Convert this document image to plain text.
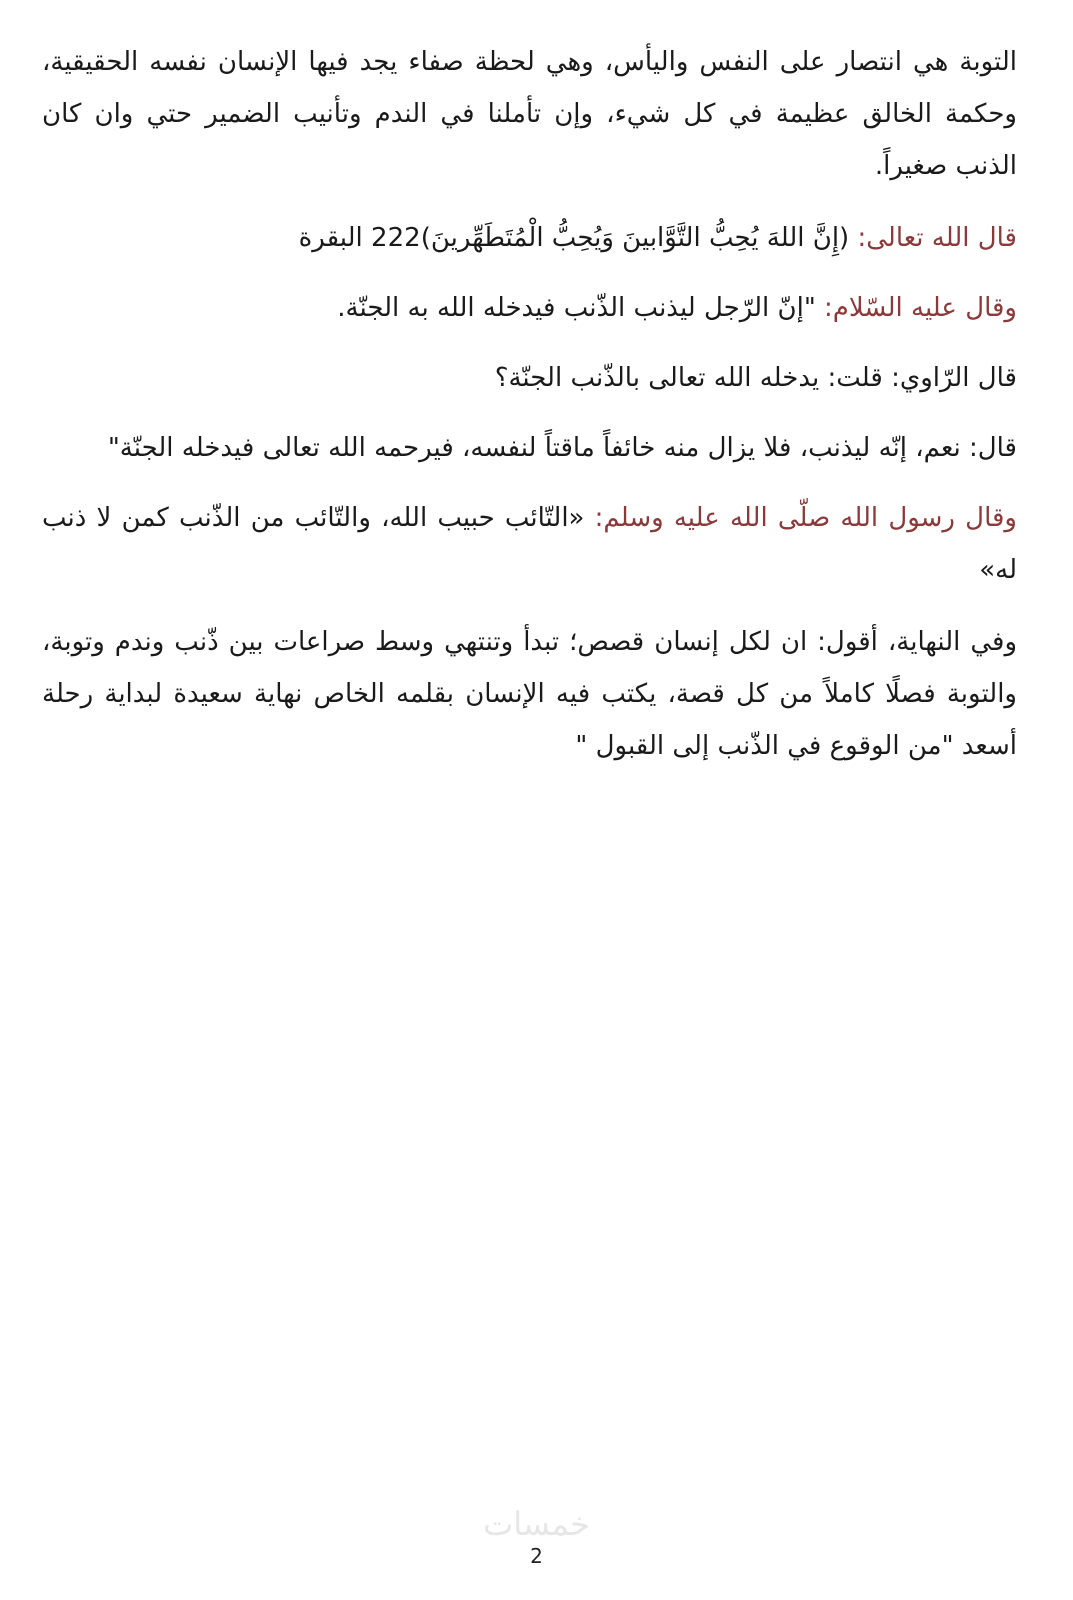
التوبة هي انتصار على النفس واليأس، وهي لحظة صفاء يجد فيها الإنسان نفسه الحقيقية، وحكمة الخالق عظيمة في كل شيء، وإن تأملنا في الندم وتأنيب الضمير حتي وان كان الذنب صغيراً.

قال الله تعالى: (إِنَّ اللهَ يُحِبُّ التَّوَّابينَ وَيُحِبُّ الْمُتَطَهِّرينَ)222 البقرة

وقال عليه السّلام: "إنّ الرّجل ليذنب الذّنب فيدخله الله به الجنّة.

قال الرّاوي: قلت: يدخله الله تعالى بالذّنب الجنّة؟

قال: نعم، إنّه ليذنب، فلا يزال منه خائفاً ماقتاً لنفسه، فيرحمه الله تعالى فيدخله الجنّة"

وقال رسول الله صلّى الله عليه وسلم: «التّائب حبيب الله، والتّائب من الذّنب كمن لا ذنب له»

وفي النهاية، أقول: ان لكل إنسان قصص؛ تبدأ وتنتهي وسط صراعات بين ذّنب وندم وتوبة، والتوبة فصلًا كاملاً من كل قصة، يكتب فيه الإنسان بقلمه الخاص نهاية سعيدة لبداية رحلة أسعد "من الوقوع في الذّنب إلى القبول "

خمسات
2
